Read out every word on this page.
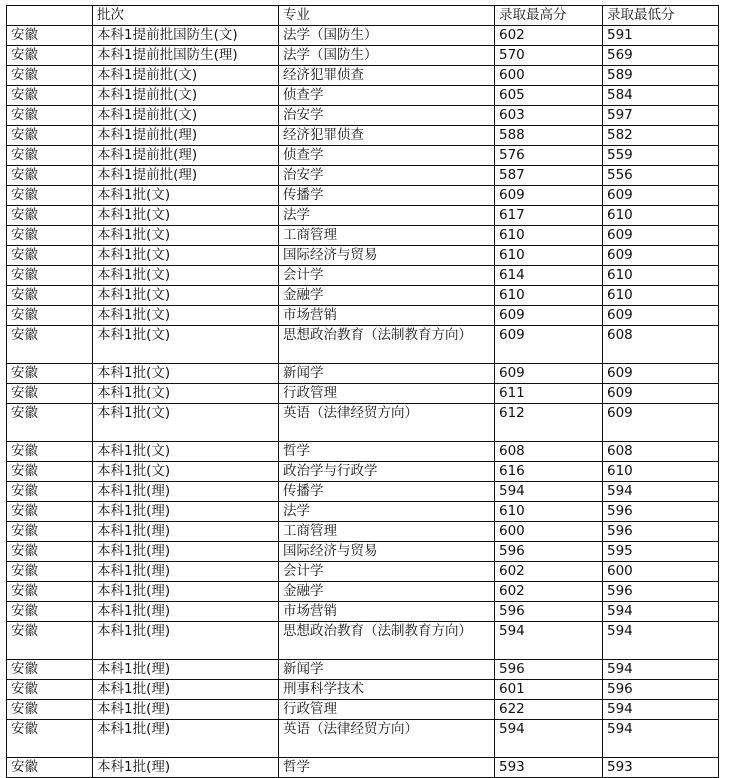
	批次	专业	录取最高分	录取最低分
安徽	本科1提前批国防生(文)	法学（国防生）	602	591
安徽	本科1提前批国防生(理)	法学（国防生）	570	569
安徽	本科1提前批(文)	经济犯罪侦查	600	589
安徽	本科1提前批(文)	侦查学	605	584
安徽	本科1提前批(文)	治安学	603	597
安徽	本科1提前批(理)	经济犯罪侦查	588	582
安徽	本科1提前批(理)	侦查学	576	559
安徽	本科1提前批(理)	治安学	587	556
安徽	本科1批(文)	传播学	609	609
安徽	本科1批(文)	法学	617	610
安徽	本科1批(文)	工商管理	610	609
安徽	本科1批(文)	国际经济与贸易	610	609
安徽	本科1批(文)	会计学	614	610
安徽	本科1批(文)	金融学	610	610
安徽	本科1批(文)	市场营销	609	609
安徽	本科1批(文)	思想政治教育（法制教育方向）	609	608
安徽	本科1批(文)	新闻学	609	609
安徽	本科1批(文)	行政管理	611	609
安徽	本科1批(文)	英语（法律经贸方向）	612	609
安徽	本科1批(文)	哲学	608	608
安徽	本科1批(文)	政治学与行政学	616	610
安徽	本科1批(理)	传播学	594	594
安徽	本科1批(理)	法学	610	596
安徽	本科1批(理)	工商管理	600	596
安徽	本科1批(理)	国际经济与贸易	596	595
安徽	本科1批(理)	会计学	602	600
安徽	本科1批(理)	金融学	602	596
安徽	本科1批(理)	市场营销	596	594
安徽	本科1批(理)	思想政治教育（法制教育方向）	594	594
安徽	本科1批(理)	新闻学	596	594
安徽	本科1批(理)	刑事科学技术	601	596
安徽	本科1批(理)	行政管理	622	594
安徽	本科1批(理)	英语（法律经贸方向）	594	594
安徽	本科1批(理)	哲学	593	593
